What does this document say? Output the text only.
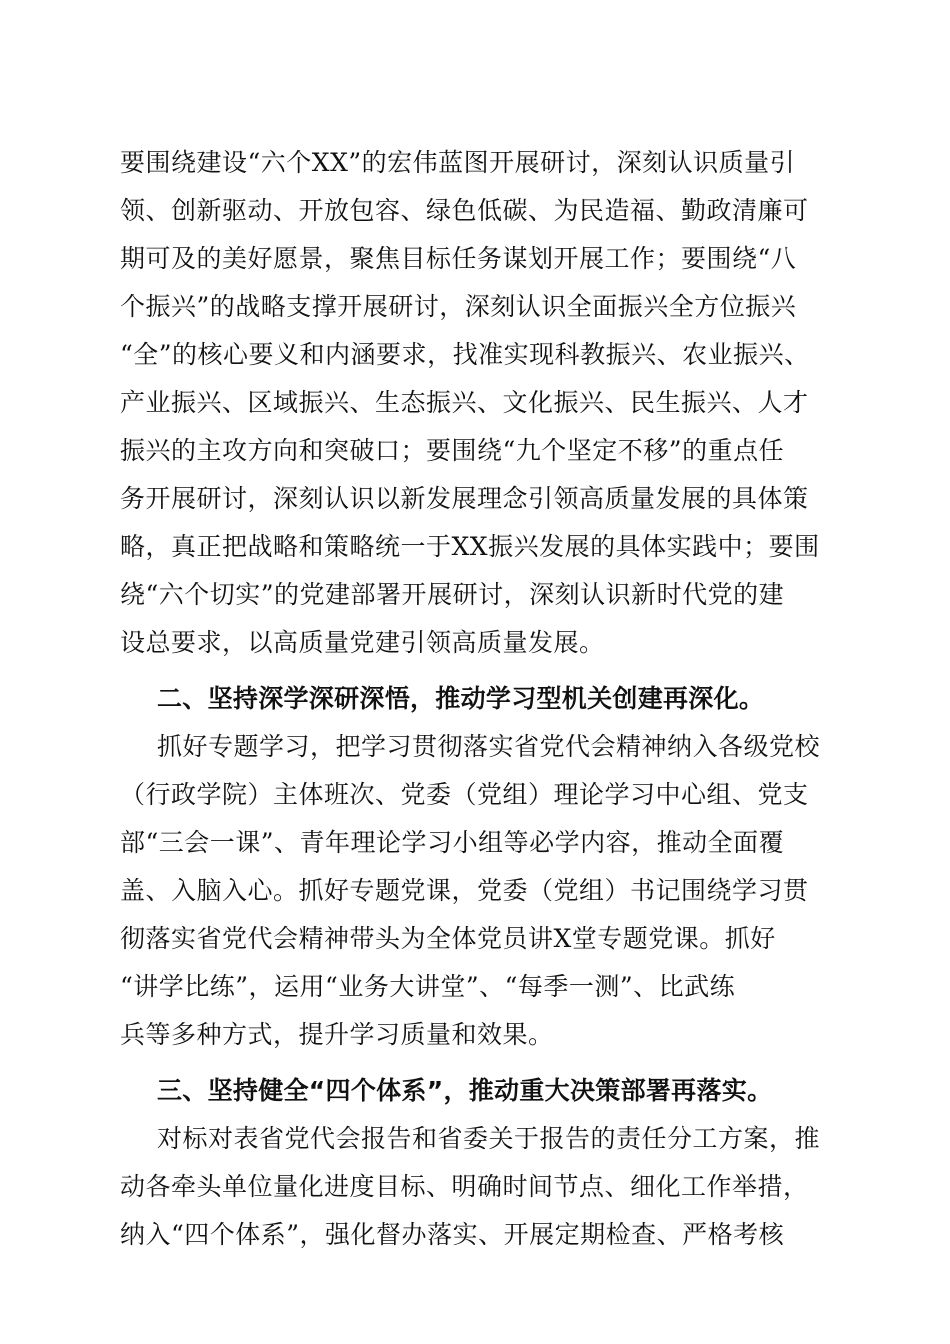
要围绕建设“六个XX”的宏伟蓝图开展研讨，深刻认识质量引
领、创新驱动、开放包容、绿色低碳、为民造福、勤政清廉可
期可及的美好愿景，聚焦目标任务谋划开展工作；要围绕“八
个振兴”的战略支撑开展研讨，深刻认识全面振兴全方位振兴
“全”的核心要义和内涵要求，找准实现科教振兴、农业振兴、
产业振兴、区域振兴、生态振兴、文化振兴、民生振兴、人才
振兴的主攻方向和突破口；要围绕“九个坚定不移”的重点任
务开展研讨，深刻认识以新发展理念引领高质量发展的具体策
略，真正把战略和策略统一于XX振兴发展的具体实践中；要围
绕“六个切实”的党建部署开展研讨，深刻认识新时代党的建
设总要求，以高质量党建引领高质量发展。
二、坚持深学深研深悟，推动学习型机关创建再深化。
抓好专题学习，把学习贯彻落实省党代会精神纳入各级党校
（行政学院）主体班次、党委（党组）理论学习中心组、党支
部“三会一课”、青年理论学习小组等必学内容，推动全面覆
盖、入脑入心。抓好专题党课，党委（党组）书记围绕学习贯
彻落实省党代会精神带头为全体党员讲X堂专题党课。抓好
“讲学比练”，运用“业务大讲堂”、“每季一测”、比武练
兵等多种方式，提升学习质量和效果。
三、坚持健全“四个体系”，推动重大决策部署再落实。
对标对表省党代会报告和省委关于报告的责任分工方案，推
动各牵头单位量化进度目标、明确时间节点、细化工作举措，
纳入“四个体系”，强化督办落实、开展定期检查、严格考核
